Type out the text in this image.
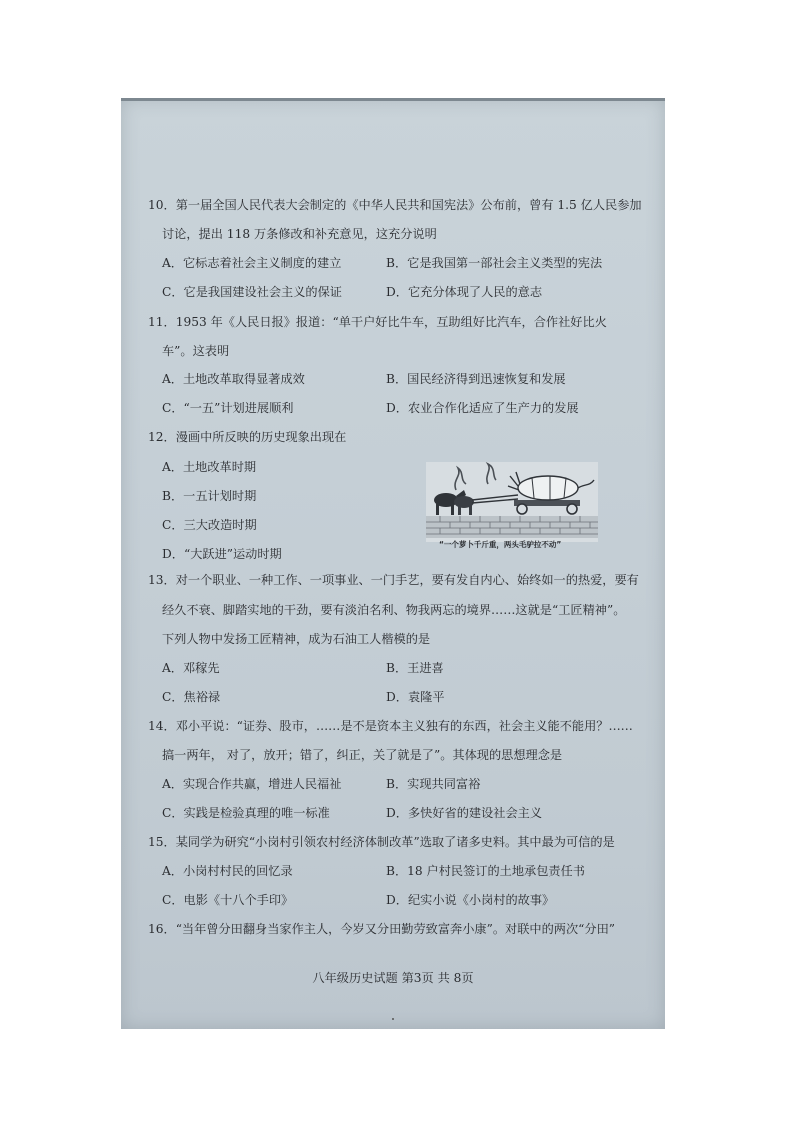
10．第一届全国人民代表大会制定的《中华人民共和国宪法》公布前，曾有 1.5 亿人民参加
讨论，提出 118 万条修改和补充意见，这充分说明
A．它标志着社会主义制度的建立	B．它是我国第一部社会主义类型的宪法
C．它是我国建设社会主义的保证	D．它充分体现了人民的意志
11．1953 年《人民日报》报道：“单干户好比牛车，互助组好比汽车，合作社好比火
车”。这表明
A．土地改革取得显著成效	B．国民经济得到迅速恢复和发展
C．“一五”计划进展顺利	D．农业合作化适应了生产力的发展
12．漫画中所反映的历史现象出现在
A．土地改革时期
B．一五计划时期
C．三大改造时期
D．“大跃进”运动时期
“一个萝卜千斤重，两头毛驴拉不动”
13．对一个职业、一种工作、一项事业、一门手艺，要有发自内心、始终如一的热爱，要有
经久不衰、脚踏实地的干劲，要有淡泊名利、物我两忘的境界……这就是“工匠精神”。
下列人物中发扬工匠精神，成为石油工人楷模的是
A．邓稼先	B．王进喜
C．焦裕禄	D．袁隆平
14．邓小平说：“证券、股市，……是不是资本主义独有的东西，社会主义能不能用？……
搞一两年， 对了，放开；错了，纠正，关了就是了”。其体现的思想理念是
A．实现合作共赢，增进人民福祉	B．实现共同富裕
C．实践是检验真理的唯一标准	D．多快好省的建设社会主义
15．某同学为研究“小岗村引领农村经济体制改革”选取了诸多史料。其中最为可信的是
A．小岗村村民的回忆录	B．18 户村民签订的土地承包责任书
C．电影《十八个手印》	D．纪实小说《小岗村的故事》
16．“当年曾分田翻身当家作主人，今岁又分田勤劳致富奔小康”。对联中的两次“分田”
八年级历史试题 第3页 共 8页
